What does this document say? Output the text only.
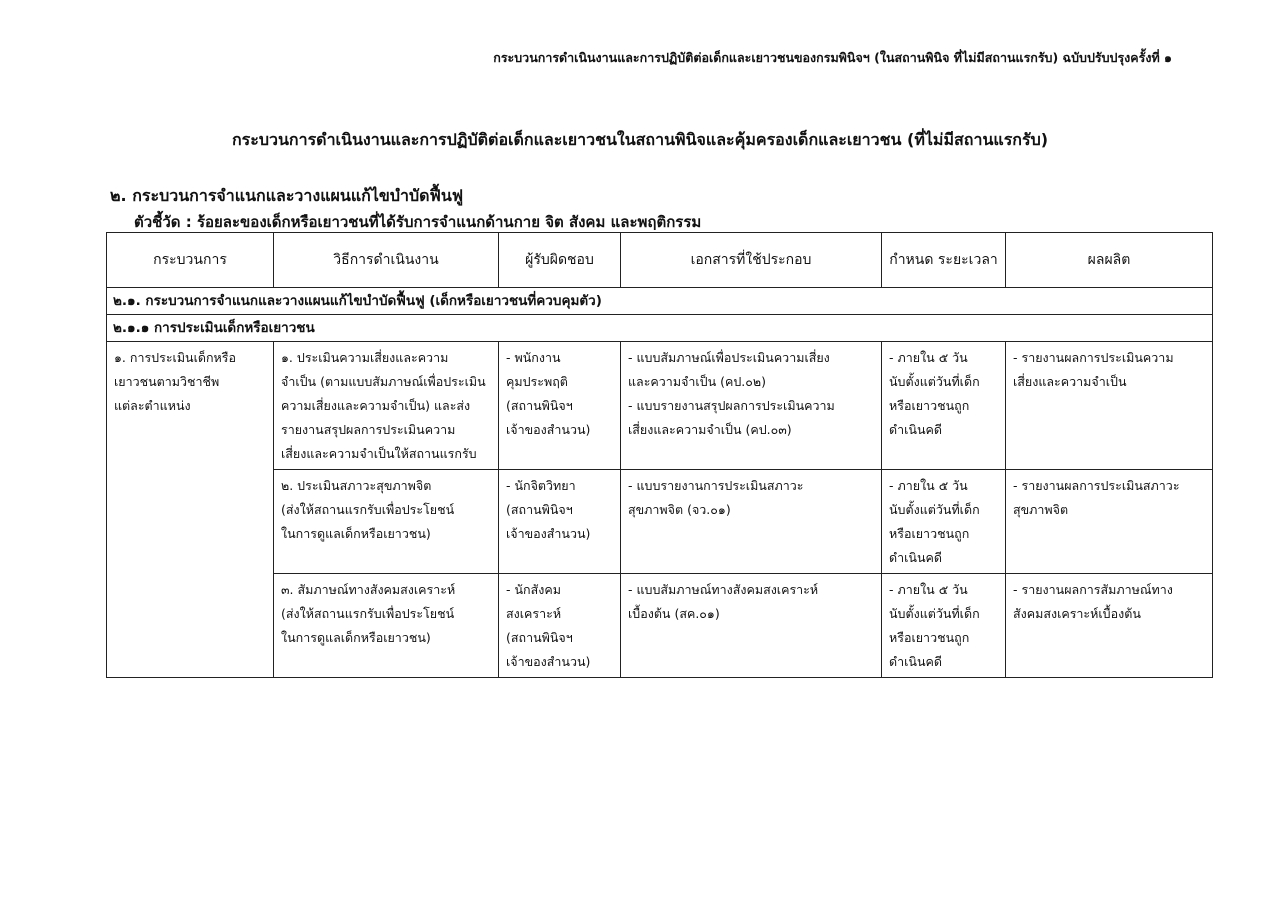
กระบวนการดำเนินงานและการปฏิบัติต่อเด็กและเยาวชนของกรมพินิจฯ (ในสถานพินิจ ที่ไม่มีสถานแรกรับ) ฉบับปรับปรุงครั้งที่ ๑
กระบวนการดำเนินงานและการปฏิบัติต่อเด็กและเยาวชนในสถานพินิจและคุ้มครองเด็กและเยาวชน (ที่ไม่มีสถานแรกรับ)
๒. กระบวนการจำแนกและวางแผนแก้ไขบำบัดฟื้นฟู
ตัวชี้วัด : ร้อยละของเด็กหรือเยาวชนที่ได้รับการจำแนกด้านกาย จิต สังคม และพฤติกรรม
กระบวนการ	วิธีการดำเนินงาน	ผู้รับผิดชอบ	เอกสารที่ใช้ประกอบ	กำหนด ระยะเวลา	ผลผลิต
๒.๑. กระบวนการจำแนกและวางแผนแก้ไขบำบัดฟื้นฟู (เด็กหรือเยาวชนที่ควบคุมตัว)					
๒.๑.๑ การประเมินเด็กหรือเยาวชน					

๑. การประเมินเด็กหรือ
เยาวชนตามวิชาชีพ
แต่ละตำแหน่ง	๑. ประเมินความเสี่ยงและความ
จำเป็น (ตามแบบสัมภาษณ์เพื่อประเมิน
ความเสี่ยงและความจำเป็น) และส่ง
รายงานสรุปผลการประเมินความ
เสี่ยงและความจำเป็นให้สถานแรกรับ	- พนักงาน
คุมประพฤติ
(สถานพินิจฯ
เจ้าของสำนวน)	- แบบสัมภาษณ์เพื่อประเมินความเสี่ยง
และความจำเป็น (คป.๐๒)
- แบบรายงานสรุปผลการประเมินความ
เสี่ยงและความจำเป็น (คป.๐๓)	- ภายใน ๕ วัน
นับตั้งแต่วันที่เด็ก
หรือเยาวชนถูก
ดำเนินคดี	- รายงานผลการประเมินความ
เสี่ยงและความจำเป็น

	๒. ประเมินสภาวะสุขภาพจิต
(ส่งให้สถานแรกรับเพื่อประโยชน์
ในการดูแลเด็กหรือเยาวชน)	- นักจิตวิทยา
(สถานพินิจฯ
เจ้าของสำนวน)	- แบบรายงานการประเมินสภาวะ
สุขภาพจิต (จว.๐๑)	- ภายใน ๕ วัน
นับตั้งแต่วันที่เด็ก
หรือเยาวชนถูก
ดำเนินคดี	- รายงานผลการประเมินสภาวะ
สุขภาพจิต

	๓. สัมภาษณ์ทางสังคมสงเคราะห์
(ส่งให้สถานแรกรับเพื่อประโยชน์
ในการดูแลเด็กหรือเยาวชน)	- นักสังคม
สงเคราะห์
(สถานพินิจฯ
เจ้าของสำนวน)	- แบบสัมภาษณ์ทางสังคมสงเคราะห์
เบื้องต้น (สค.๐๑)	- ภายใน ๕ วัน
นับตั้งแต่วันที่เด็ก
หรือเยาวชนถูก
ดำเนินคดี	- รายงานผลการสัมภาษณ์ทาง
สังคมสงเคราะห์เบื้องต้น
